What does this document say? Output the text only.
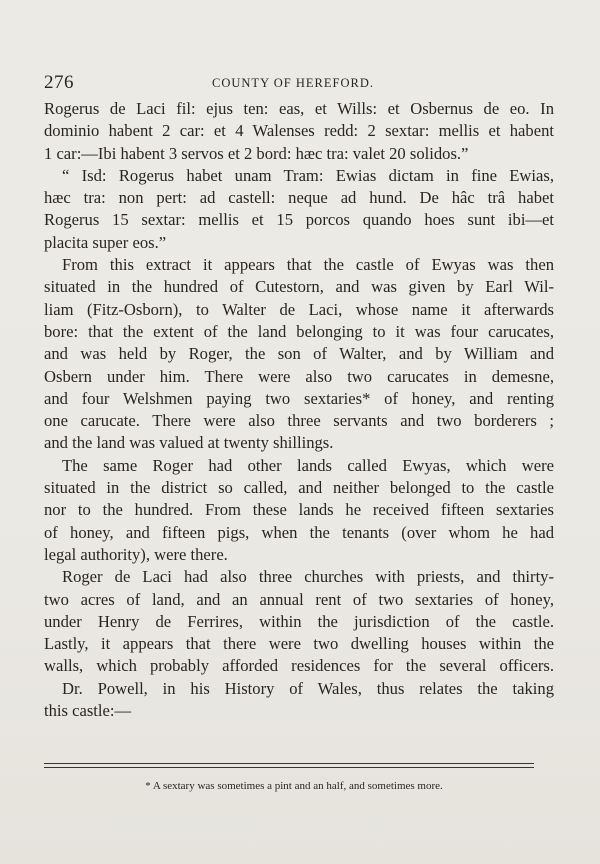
276	COUNTY OF HEREFORD.
Rogerus de Laci fil: ejus ten: eas, et Wills: et Osbernus de eo. In
dominio habent 2 car: et 4 Walenses redd: 2 sextar: mellis et habent
1 car:—Ibi habent 3 servos et 2 bord: hæc tra: valet 20 solidos.”
“ Isd: Rogerus habet unam Tram: Ewias dictam in fine Ewias,
hæc tra: non pert: ad castell: neque ad hund. De hâc trâ habet
Rogerus 15 sextar: mellis et 15 porcos quando hoes sunt ibi—et
placita super eos.”
From this extract it appears that the castle of Ewyas was then
situated in the hundred of Cutestorn, and was given by Earl Wil-
liam (Fitz-Osborn), to Walter de Laci, whose name it afterwards
bore: that the extent of the land belonging to it was four carucates,
and was held by Roger, the son of Walter, and by William and
Osbern under him. There were also two carucates in demesne,
and four Welshmen paying two sextaries* of honey, and renting
one carucate. There were also three servants and two borderers ;
and the land was valued at twenty shillings.
The same Roger had other lands called Ewyas, which were
situated in the district so called, and neither belonged to the castle
nor to the hundred. From these lands he received fifteen sextaries
of honey, and fifteen pigs, when the tenants (over whom he had
legal authority), were there.
Roger de Laci had also three churches with priests, and thirty-
two acres of land, and an annual rent of two sextaries of honey,
under Henry de Ferrires, within the jurisdiction of the castle.
Lastly, it appears that there were two dwelling houses within the
walls, which probably afforded residences for the several officers.
Dr. Powell, in his History of Wales, thus relates the taking
this castle:—
* A sextary was sometimes a pint and an half, and sometimes more.
